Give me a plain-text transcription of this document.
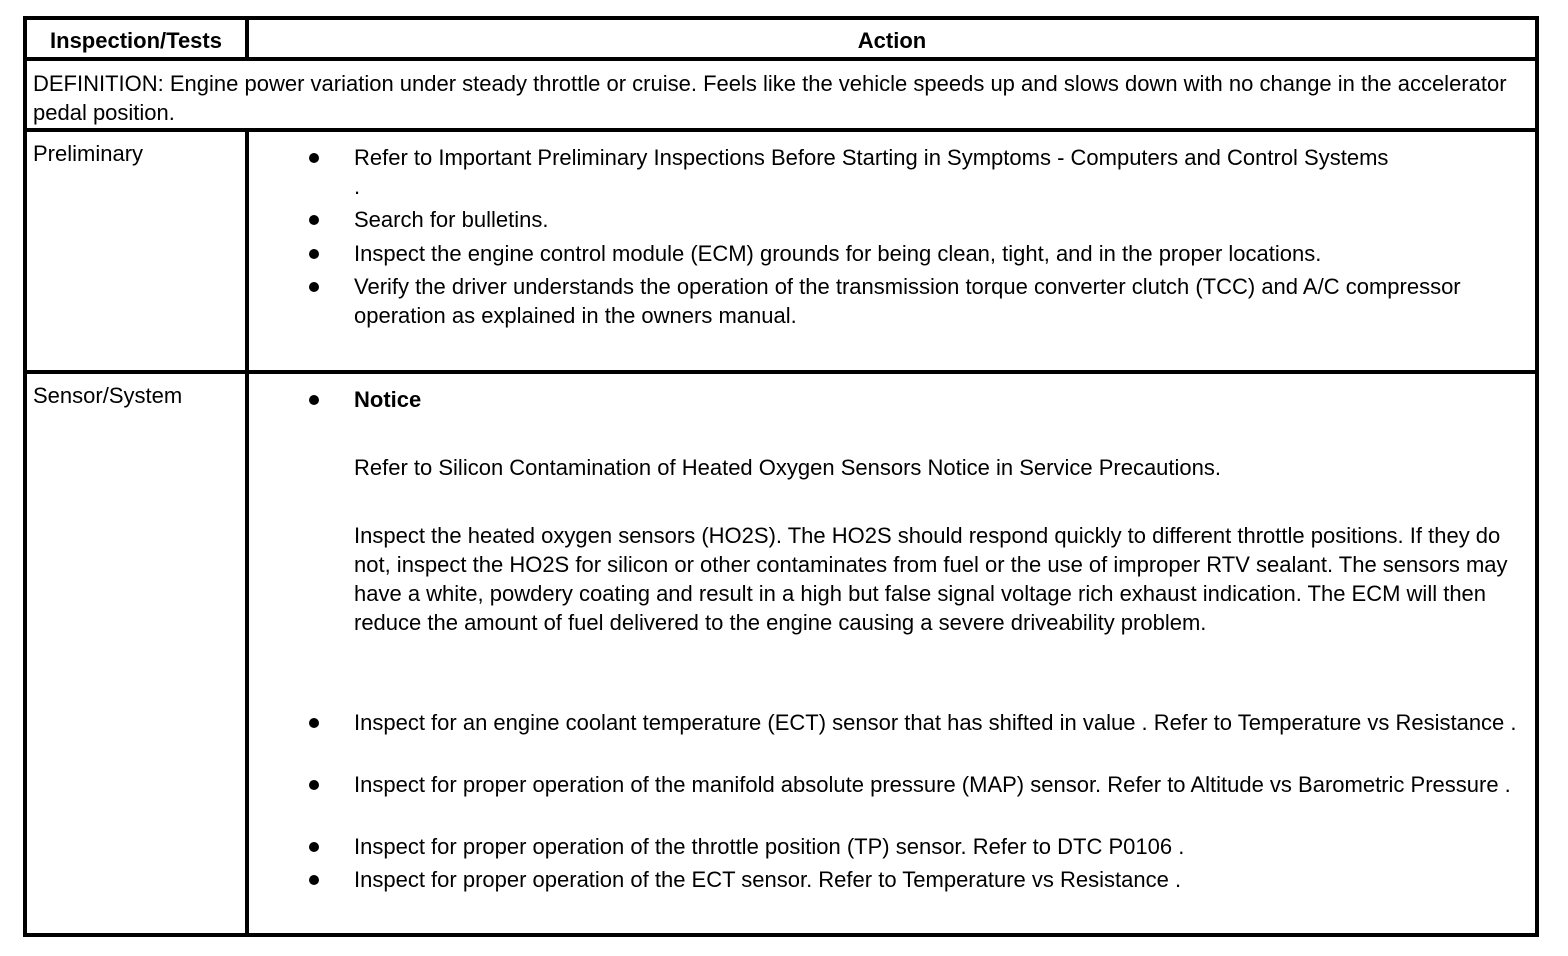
Inspection/Tests	Action
DEFINITION: Engine power variation under steady throttle or cruise. Feels like the vehicle speeds up and slows down with no change in the accelerator pedal position.
Preliminary	Refer to Important Preliminary Inspections Before Starting in Symptoms - Computers and Control Systems
.
Search for bulletins.
Inspect the engine control module (ECM) grounds for being clean, tight, and in the proper locations.
Verify the driver understands the operation of the transmission torque converter clutch (TCC) and A/C compressor operation as explained in the owners manual.
Sensor/System	Notice
Refer to Silicon Contamination of Heated Oxygen Sensors Notice in Service Precautions.
Inspect the heated oxygen sensors (HO2S). The HO2S should respond quickly to different throttle positions. If they do not, inspect the HO2S for silicon or other contaminates from fuel or the use of improper RTV sealant. The sensors may have a white, powdery coating and result in a high but false signal voltage rich exhaust indication. The ECM will then reduce the amount of fuel delivered to the engine causing a severe driveability problem.
Inspect for an engine coolant temperature (ECT) sensor that has shifted in value . Refer to Temperature vs Resistance .
Inspect for proper operation of the manifold absolute pressure (MAP) sensor. Refer to Altitude vs Barometric Pressure .
Inspect for proper operation of the throttle position (TP) sensor. Refer to DTC P0106 .
Inspect for proper operation of the ECT sensor. Refer to Temperature vs Resistance .
